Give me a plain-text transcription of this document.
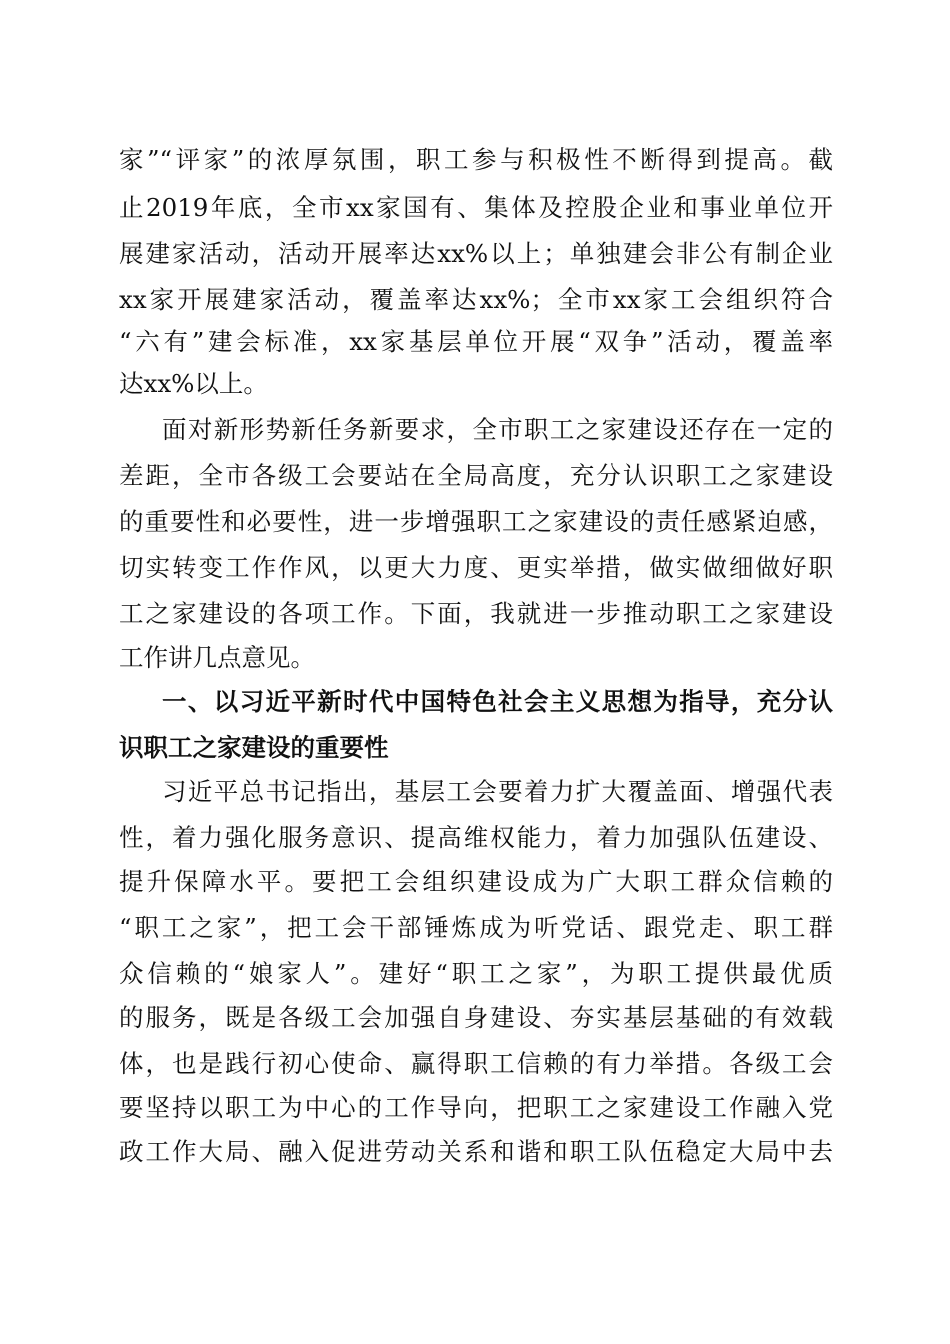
家”“评家”的浓厚氛围，职工参与积极性不断得到提高。截
止2019年底，全市xx家国有、集体及控股企业和事业单位开
展建家活动，活动开展率达xx%以上；单独建会非公有制企业
xx家开展建家活动，覆盖率达xx%；全市xx家工会组织符合
“六有”建会标准，xx家基层单位开展“双争”活动，覆盖率
达xx%以上。
面对新形势新任务新要求，全市职工之家建设还存在一定的
差距，全市各级工会要站在全局高度，充分认识职工之家建设
的重要性和必要性，进一步增强职工之家建设的责任感紧迫感，
切实转变工作作风，以更大力度、更实举措，做实做细做好职
工之家建设的各项工作。下面，我就进一步推动职工之家建设
工作讲几点意见。
一、以习近平新时代中国特色社会主义思想为指导，充分认
识职工之家建设的重要性
习近平总书记指出，基层工会要着力扩大覆盖面、增强代表
性，着力强化服务意识、提高维权能力，着力加强队伍建设、
提升保障水平。要把工会组织建设成为广大职工群众信赖的
“职工之家”，把工会干部锤炼成为听党话、跟党走、职工群
众信赖的“娘家人”。建好“职工之家”，为职工提供最优质
的服务，既是各级工会加强自身建设、夯实基层基础的有效载
体，也是践行初心使命、赢得职工信赖的有力举措。各级工会
要坚持以职工为中心的工作导向，把职工之家建设工作融入党
政工作大局、融入促进劳动关系和谐和职工队伍稳定大局中去
